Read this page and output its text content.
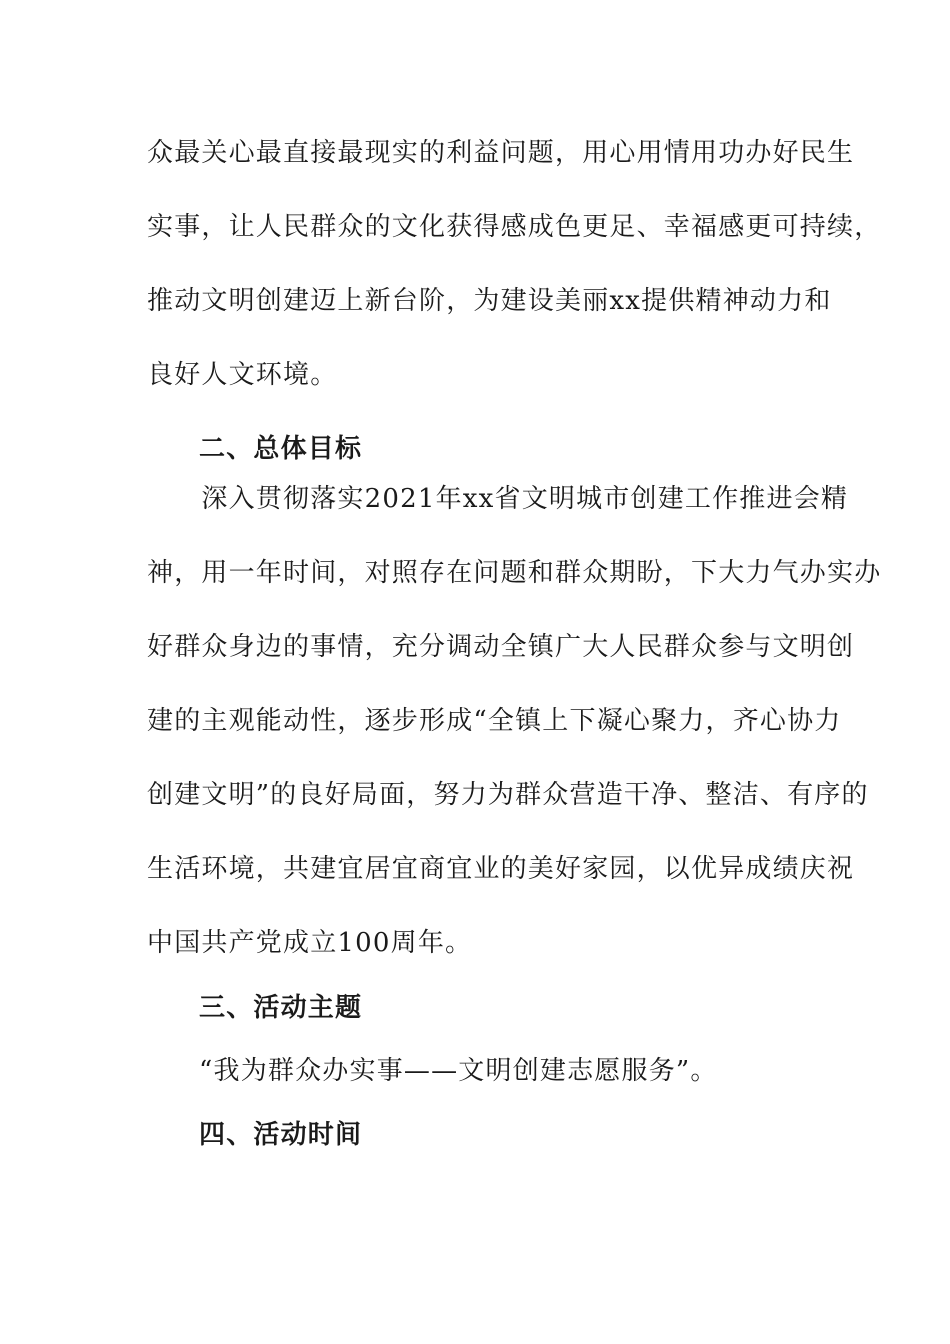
众最关心最直接最现实的利益问题，用心用情用功办好民生
实事，让人民群众的文化获得感成色更足、幸福感更可持续，
推动文明创建迈上新台阶，为建设美丽xx提供精神动力和
良好人文环境。
二、总体目标
　　深入贯彻落实2021年xx省文明城市创建工作推进会精
神，用一年时间，对照存在问题和群众期盼，下大力气办实办
好群众身边的事情，充分调动全镇广大人民群众参与文明创
建的主观能动性，逐步形成“全镇上下凝心聚力，齐心协力
创建文明”的良好局面，努力为群众营造干净、整洁、有序的
生活环境，共建宜居宜商宜业的美好家园，以优异成绩庆祝
中国共产党成立100周年。
三、活动主题
“我为群众办实事——文明创建志愿服务”。
四、活动时间
